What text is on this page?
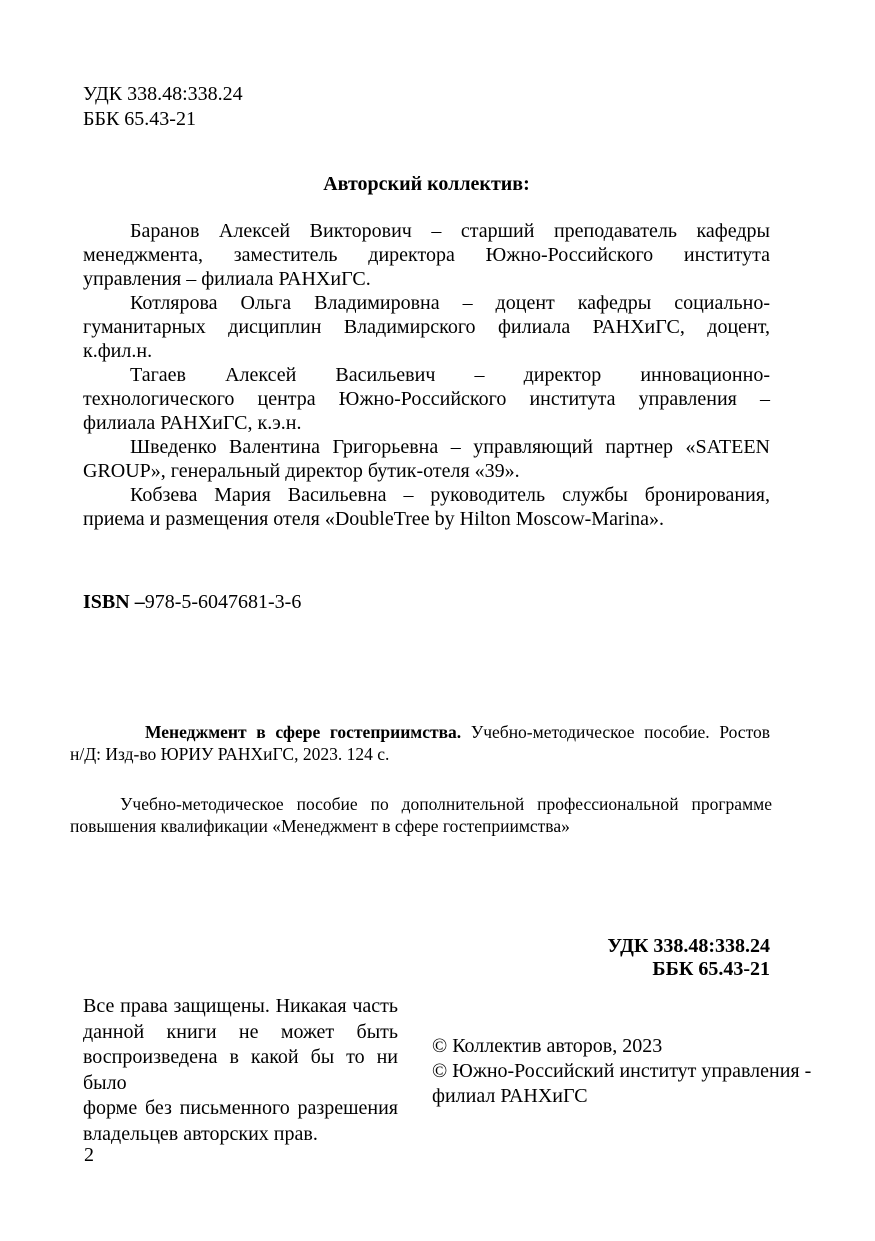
УДК 338.48:338.24
ББК 65.43-21
Авторский коллектив:
Баранов Алексей Викторович – старший преподаватель кафедры
менеджмента, заместитель директора Южно-Российского института
управления – филиала РАНХиГС.
Котлярова Ольга Владимировна – доцент кафедры социально-
гуманитарных дисциплин Владимирского филиала РАНХиГС, доцент,
к.фил.н.
Тагаев Алексей Васильевич – директор инновационно-
технологического центра Южно-Российского института управления –
филиала РАНХиГС, к.э.н.
Шведенко Валентина Григорьевна – управляющий партнер «SATEEN
GROUP», генеральный директор бутик-отеля «39».
Кобзева Мария Васильевна – руководитель службы бронирования,
приема и размещения отеля «DoubleTree by Hilton Moscow-Marina».
ISBN –978-5-6047681-3-6
Менеджмент в сфере гостеприимства. Учебно-методическое пособие. Ростов
н/Д: Изд-во ЮРИУ РАНХиГС, 2023. 124 с.
Учебно-методическое пособие по дополнительной профессиональной программе
повышения квалификации «Менеджмент в сфере гостеприимства»
УДК 338.48:338.24
ББК 65.43-21
Все права защищены. Никакая часть
данной книги не может быть
воспроизведена в какой бы то ни было
форме без письменного разрешения
владельцев авторских прав.
© Коллектив авторов, 2023
© Южно-Российский институт управления -
филиал РАНХиГС
2
